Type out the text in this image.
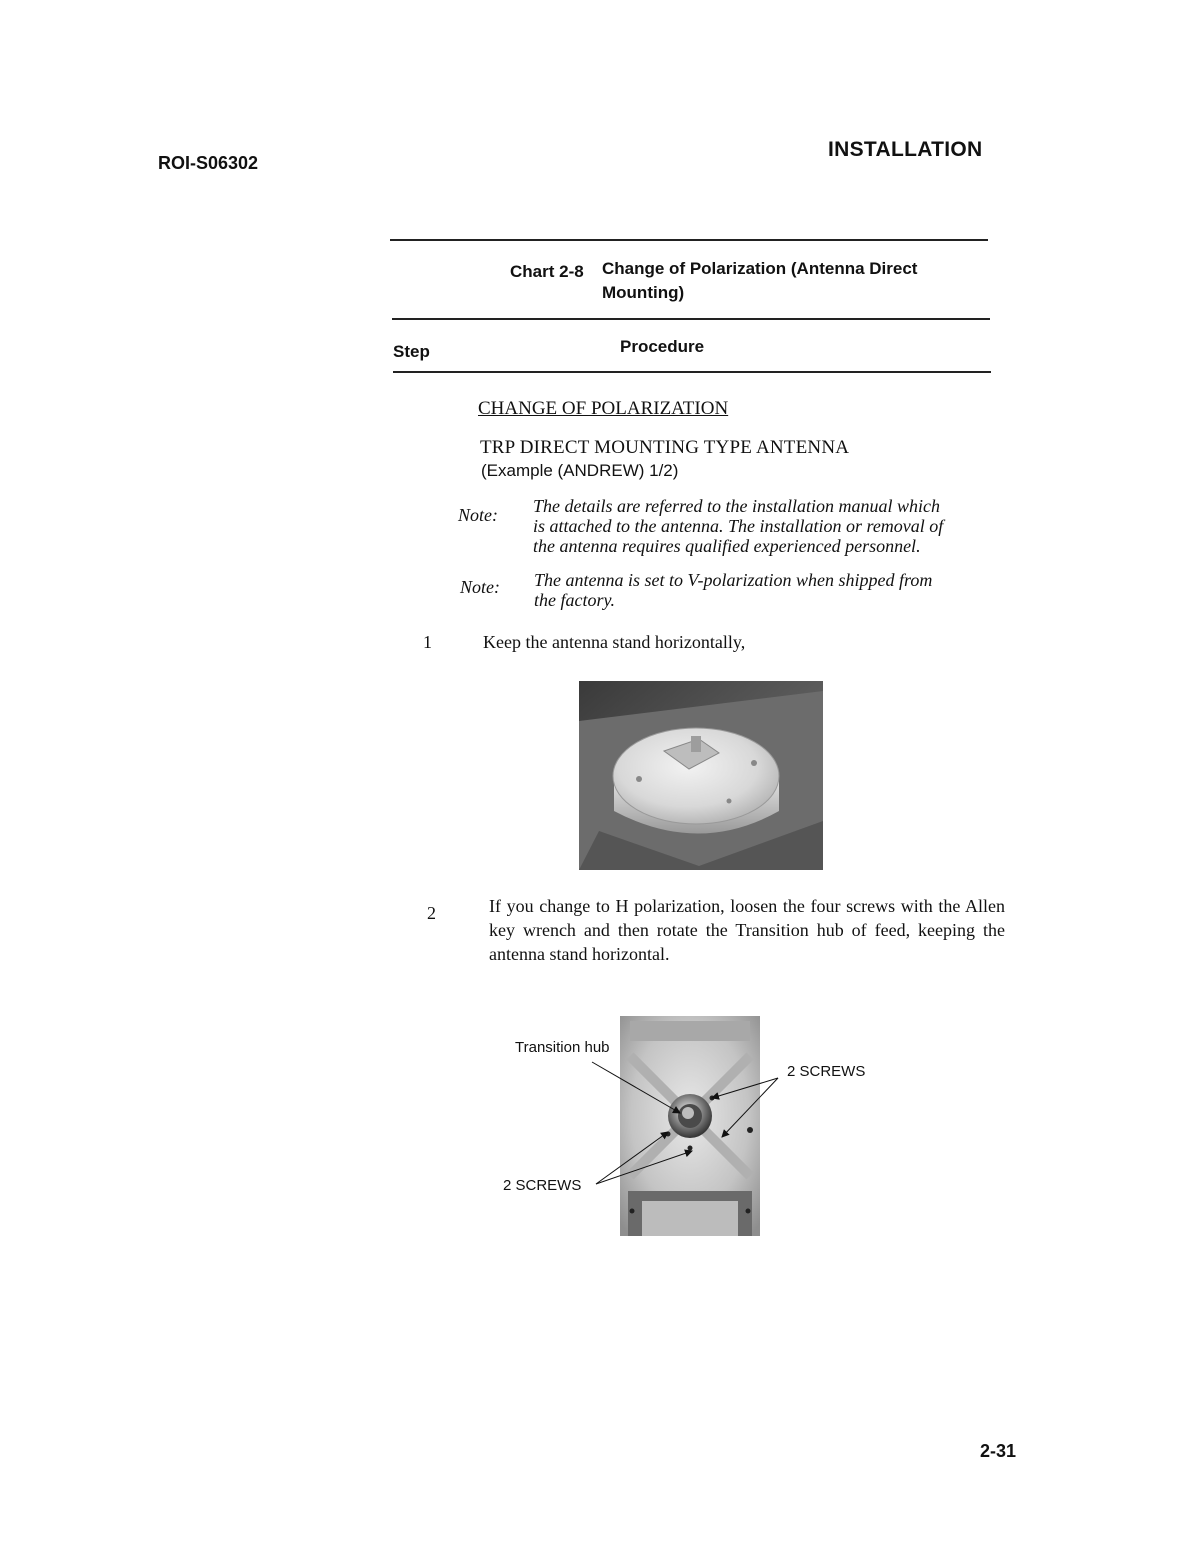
ROI-S06302
INSTALLATION
Chart 2-8 Change of Polarization (Antenna Direct
Mounting)
Step	Procedure
CHANGE OF POLARIZATION
TRP DIRECT MOUNTING TYPE ANTENNA
(Example (ANDREW) 1/2)
Note: The details are referred to the installation manual which
is attached to the antenna. The installation or removal of
the antenna requires qualified experienced personnel.
Note: The antenna is set to V-polarization when shipped from
the factory.
1	Keep the antenna stand horizontally,
2	If you change to H polarization, loosen the four screws with the Allen key wrench and then rotate the Transition hub of feed, keeping the antenna stand horizontal.
Transition hub
2 SCREWS
2 SCREWS
2-31
